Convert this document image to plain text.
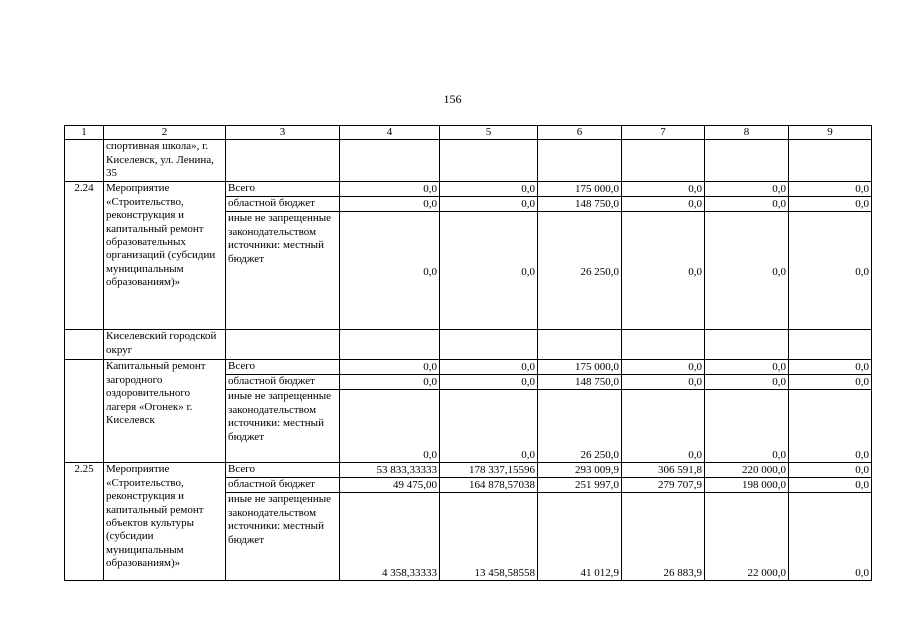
156
1	2	3	4	5	6	7	8	9
	спортивная школа», г. Киселевск, ул. Ленина, 35							
2.24	Мероприятие «Строительство, реконструкция и капитальный ремонт образовательных организаций (субсидии муниципальным образованиям)»	Всего	0,0	0,0	175 000,0	0,0	0,0	0,0
		областной бюджет	0,0	0,0	148 750,0	0,0	0,0	0,0
		иные не запрещенные законодательством источники: местный бюджет	0,0	0,0	26 250,0	0,0	0,0	0,0
	Киселевский городской округ							
	Капитальный ремонт загородного оздоровительного лагеря «Огонек» г. Киселевск	Всего	0,0	0,0	175 000,0	0,0	0,0	0,0
		областной бюджет	0,0	0,0	148 750,0	0,0	0,0	0,0
		иные не запрещенные законодательством источники: местный бюджет	0,0	0,0	26 250,0	0,0	0,0	0,0
2.25	Мероприятие «Строительство, реконструкция и капитальный ремонт объектов культуры (субсидии муниципальным образованиям)»	Всего	53 833,33333	178 337,15596	293 009,9	306 591,8	220 000,0	0,0
		областной бюджет	49 475,00	164 878,57038	251 997,0	279 707,9	198 000,0	0,0
		иные не запрещенные законодательством источники: местный бюджет	4 358,33333	13 458,58558	41 012,9	26 883,9	22 000,0	0,0
